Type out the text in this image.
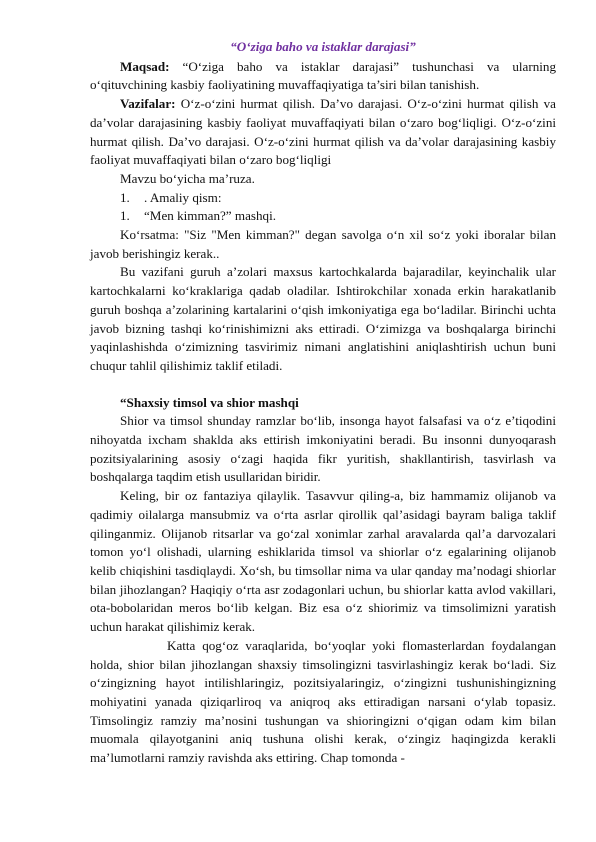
“O‘ziga baho va istaklar darajasi”

Maqsad: “O‘ziga baho va istaklar darajasi” tushunchasi va ularning o‘qituvchining kasbiy faoliyatining muvaffaqiyatiga ta’siri bilan tanishish.

Vazifalar: O‘z-o‘zini hurmat qilish. Da’vo darajasi. O‘z-o‘zini hurmat qilish va da’volar darajasining kasbiy faoliyat muvaffaqiyati bilan o‘zaro bog‘liqligi. O‘z-o‘zini hurmat qilish. Da’vo darajasi. O‘z-o‘zini hurmat qilish va da’volar darajasining kasbiy faoliyat muvaffaqiyati bilan o‘zaro bog‘liqligi

Mavzu bo‘yicha ma’ruza.

1. . Amaliy qism:
1. “Men kimman?” mashqi.

Ko‘rsatma: "Siz "Men kimman?" degan savolga o‘n xil so‘z yoki iboralar bilan javob berishingiz kerak..

Bu vazifani guruh a’zolari maxsus kartochkalarda bajaradilar, keyinchalik ular kartochkalarni ko‘kraklariga qadab oladilar. Ishtirokchilar xonada erkin harakatlanib guruh boshqa a’zolarining kartalarini o‘qish imkoniyatiga ega bo‘ladilar. Birinchi uchta javob bizning tashqi ko‘rinishimizni aks ettiradi. O‘zimizga va boshqalarga birinchi yaqinlashishda o‘zimizning tasvirimiz nimani anglatishini aniqlashtirish uchun buni chuqur tahlil qilishimiz taklif etiladi.

“Shaxsiy timsol va shior mashqi

Shior va timsol shunday ramzlar bo‘lib, insonga hayot falsafasi va o‘z e’tiqodini nihoyatda ixcham shaklda aks ettirish imkoniyatini beradi. Bu insonni dunyoqarash pozitsiyalarining asosiy o‘zagi haqida fikr yuritish, shakllantirish, tasvirlash va boshqalarga taqdim etish usullaridan biridir.

Keling, bir oz fantaziya qilaylik. Tasavvur qiling-a, biz hammamiz olijanob va qadimiy oilalarga mansubmiz va o‘rta asrlar qirollik qal’asidagi bayram baliga taklif qilinganmiz. Olijanob ritsarlar va go‘zal xonimlar zarhal aravalarda qal’a darvozalari tomon yo‘l olishadi, ularning eshiklarida timsol va shiorlar o‘z egalarining olijanob kelib chiqishini tasdiqlaydi. Xo‘sh, bu timsollar nima va ular qanday ma’nodagi shiorlar bilan jihozlangan? Haqiqiy o‘rta asr zodagonlari uchun, bu shiorlar katta avlod vakillari, ota-bobolaridan meros bo‘lib kelgan. Biz esa o‘z shiorimiz va timsolimizni yaratish uchun harakat qilishimiz kerak.

Katta qog‘oz varaqlarida, bo‘yoqlar yoki flomasterlardan foydalangan holda, shior bilan jihozlangan shaxsiy timsolingizni tasvirlashingiz kerak bo‘ladi. Siz o‘zingizning hayot intilishlaringiz, pozitsiyalaringiz, o‘zingizni tushunishingizning mohiyatini yanada qiziqarliroq va aniqroq aks ettiradigan narsani o‘ylab topasiz. Timsolingiz ramziy ma’nosini tushungan va shioringizni o‘qigan odam kim bilan muomala qilayotganini aniq tushuna olishi kerak, o‘zingiz haqingizda kerakli ma’lumotlarni ramziy ravishda aks ettiring. Chap tomonda -
